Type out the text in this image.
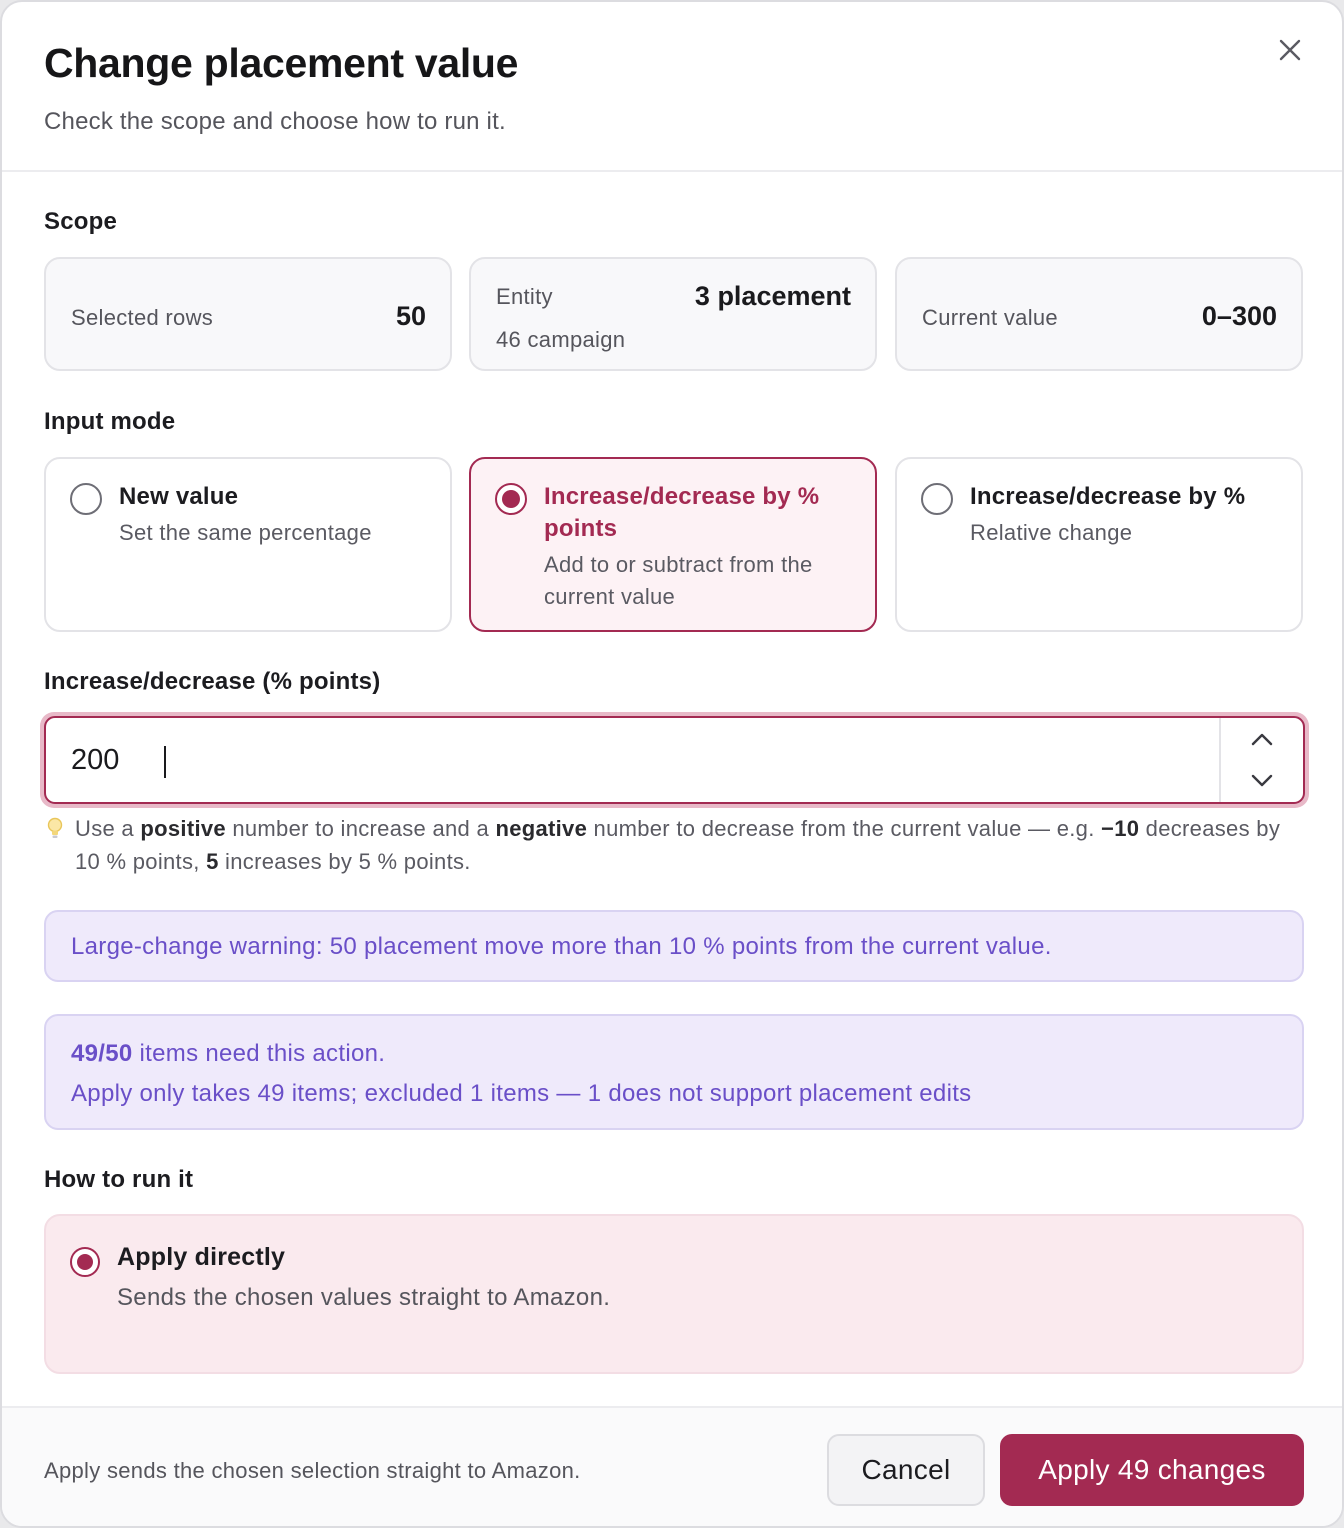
Change placement value
Check the scope and choose how to run it.
Scope
Selected rows	50
Entity	3 placement
46 campaign
Current value	0–300
Input mode
New value
Set the same percentage
Increase/decrease by % points
Add to or subtract from the current value
Increase/decrease by %
Relative change
Increase/decrease (% points)
200
Use a positive number to increase and a negative number to decrease from the current value — e.g. −10 decreases by 10 % points, 5 increases by 5 % points.
Large-change warning: 50 placement move more than 10 % points from the current value.
49/50 items need this action.
Apply only takes 49 items; excluded 1 items — 1 does not support placement edits
How to run it
Apply directly
Sends the chosen values straight to Amazon.
Apply sends the chosen selection straight to Amazon.	Cancel	Apply 49 changes
